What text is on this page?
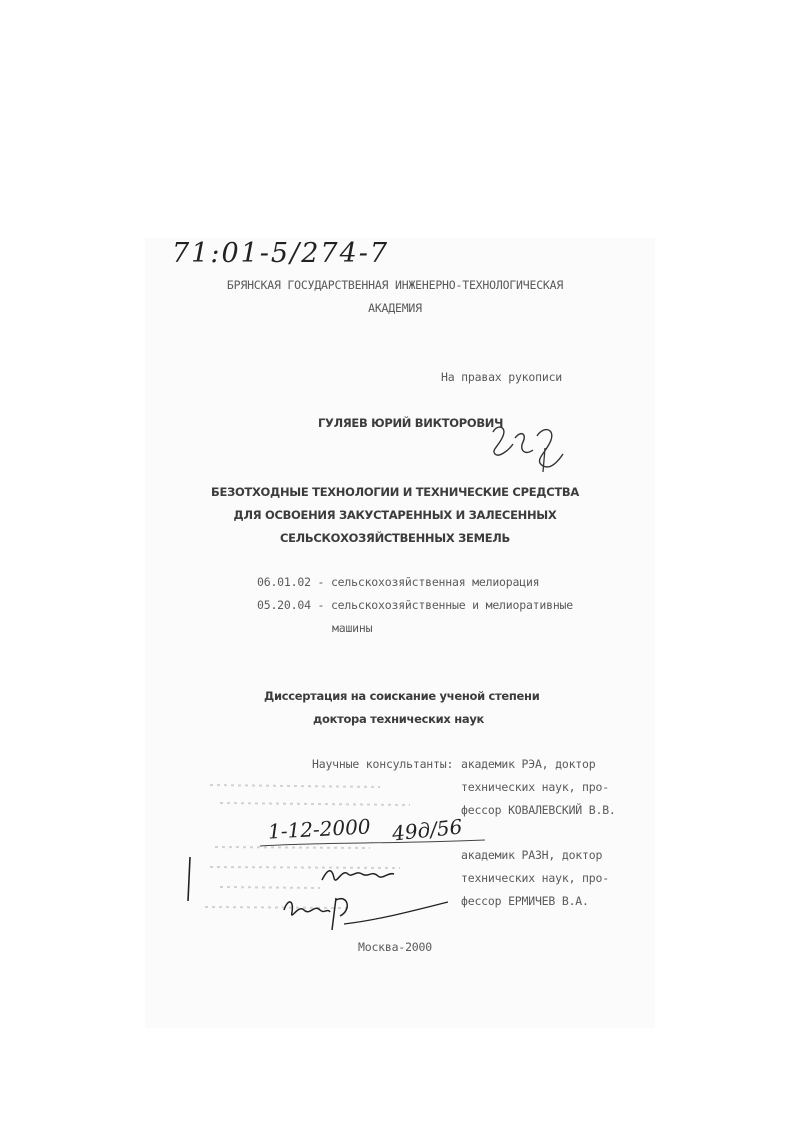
71:01-5/274-7
БРЯНСКАЯ ГОСУДАРСТВЕННАЯ ИНЖЕНЕРНО-ТЕХНОЛОГИЧЕСКАЯ
АКАДЕМИЯ
На правах рукописи
ГУЛЯЕВ ЮРИЙ ВИКТОРОВИЧ
БЕЗОТХОДНЫЕ ТЕХНОЛОГИИ И ТЕХНИЧЕСКИЕ СРЕДСТВА
ДЛЯ ОСВОЕНИЯ ЗАКУСТАРЕННЫХ И ЗАЛЕСЕННЫХ
СЕЛЬСКОХОЗЯЙСТВЕННЫХ ЗЕМЕЛЬ
06.01.02 - сельскохозяйственная мелиорация
05.20.04 - сельскохозяйственные и мелиоративные
машины
Диссертация на соискание ученой степени
доктора технических наук
Научные консультанты: академик РЭА, доктор
технических наук, про-
фессор КОВАЛЕВСКИЙ В.В.
академик РАЗН, доктор
технических наук, про-
фессор ЕРМИЧЕВ В.А.
1-12-2000 49д/56
Москва-2000
